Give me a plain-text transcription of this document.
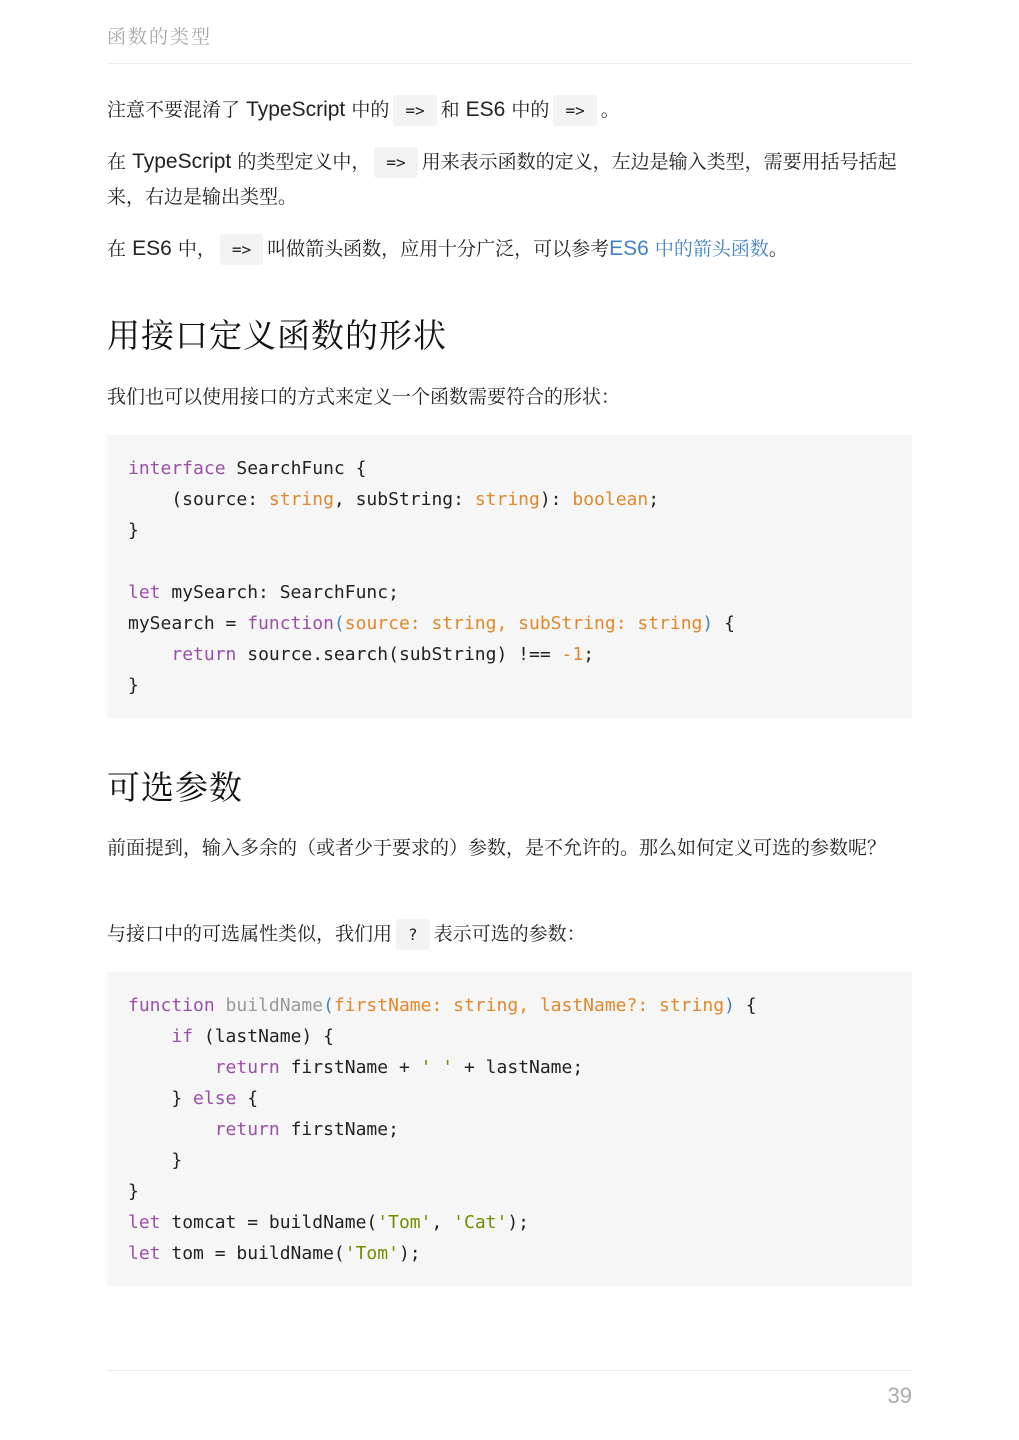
函数的类型

注意不要混淆了 TypeScript 中的 => 和 ES6 中的 => 。

在 TypeScript 的类型定义中， => 用来表示函数的定义，左边是输入类型，需要用括号括起来，右边是输出类型。

在 ES6 中， => 叫做箭头函数，应用十分广泛，可以参考ES6 中的箭头函数。

用接口定义函数的形状

我们也可以使用接口的方式来定义一个函数需要符合的形状：

interface SearchFunc {
(source: string, subString: string): boolean;
}

let mySearch: SearchFunc;
mySearch = function(source: string, subString: string) {
return source.search(subString) !== -1;
}
可选参数

前面提到，输入多余的（或者少于要求的）参数，是不允许的。那么如何定义可选的参数呢？

与接口中的可选属性类似，我们用 ? 表示可选的参数：

function buildName(firstName: string, lastName?: string) {
if (lastName) {
return firstName + ' ' + lastName;
} else {
return firstName;
}
}
let tomcat = buildName('Tom', 'Cat');
let tom = buildName('Tom');
39
